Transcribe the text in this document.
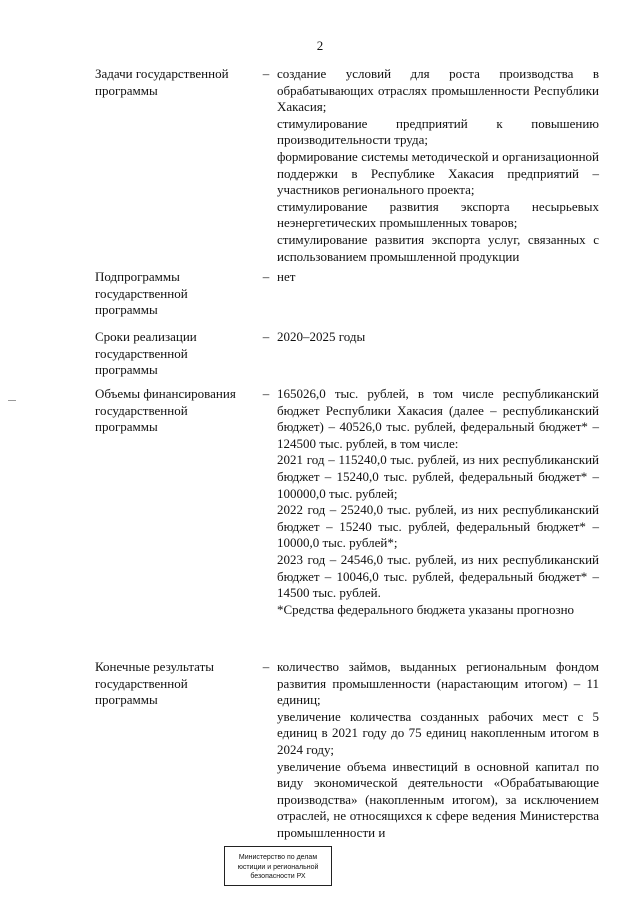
2
Задачи государственной
программы
– создание условий для роста производства в обрабатывающих отраслях промышленности Республики Хакасия;

стимулирование предприятий к повышению производительности труда;

формирование системы методической и организационной поддержки в Республике Хакасия предприятий – участников регионального проекта;

стимулирование развития экспорта несырьевых неэнергетических промышленных товаров;

стимулирование развития экспорта услуг, связанных с использованием промышленной продукции

Подпрограммы
государственной
программы
– нет

Сроки реализации
государственной
программы
– 2020–2025 годы

Объемы финансирования
государственной
программы
– 165026,0 тыс. рублей, в том числе республиканский бюджет Республики Хакасия (далее – республиканский бюджет) – 40526,0 тыс. рублей, федеральный бюджет* – 124500 тыс. рублей, в том числе:

2021 год – 115240,0 тыс. рублей, из них республиканский бюджет – 15240,0 тыс. рублей, федеральный бюджет* – 100000,0 тыс. рублей;

2022 год – 25240,0 тыс. рублей, из них республиканский бюджет – 15240 тыс. рублей, федеральный бюджет* – 10000,0 тыс. рублей*;

2023 год – 24546,0 тыс. рублей, из них республиканский бюджет – 10046,0 тыс. рублей, федеральный бюджет* – 14500 тыс. рублей.

*Средства федерального бюджета указаны прогнозно

Конечные результаты
государственной
программы
– количество займов, выданных региональным фондом развития промышленности (нарастающим итогом) – 11 единиц;

увеличение количества созданных рабочих мест с 5 единиц в 2021 году до 75 единиц накопленным итогом в 2024 году;

увеличение объема инвестиций в основной капитал по виду экономической деятельности «Обрабатывающие производства» (накопленным итогом), за исключением отраслей, не относящихся к сфере ведения Министерства промышленности и

Министерство по делам
юстиции и региональной
безопасности РХ
